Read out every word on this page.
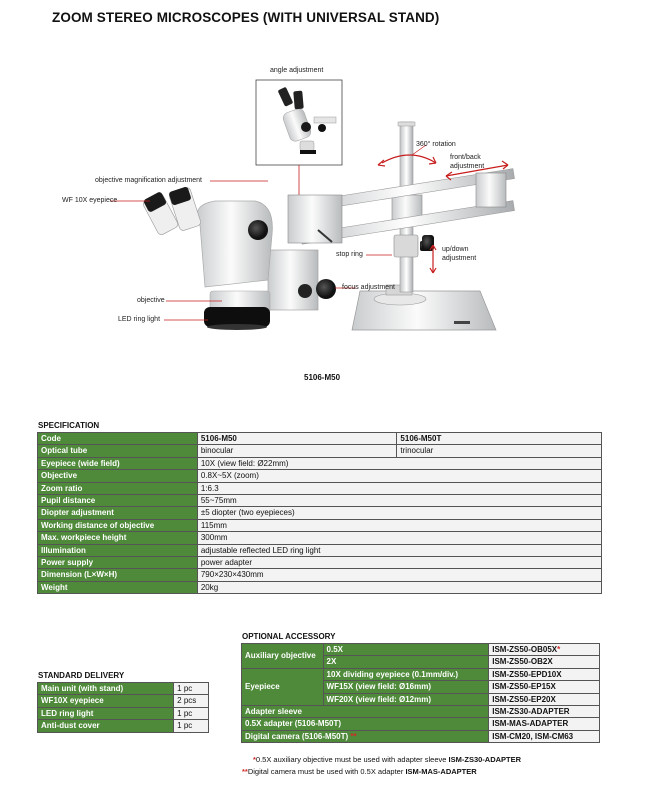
ZOOM STEREO MICROSCOPES (WITH UNIVERSAL STAND)
angle adjustment
360° rotation
front/back
adjustment
objective magnification adjustment
WF 10X eyepiece
up/down
adjustment
stop ring
focus adjustment
objective
LED ring light
5106-M50
SPECIFICATION
Code	5106-M50	5106-M50T
Optical tube	binocular	trinocular
Eyepiece (wide field)	10X (view field: Ø22mm)	
Objective	0.8X~5X (zoom)	
Zoom ratio	1:6.3	
Pupil distance	55~75mm	
Diopter adjustment	±5 diopter (two eyepieces)	
Working distance of objective	115mm	
Max. workpiece height	300mm	
Illumination	adjustable reflected LED ring light	
Power supply	power adapter	
Dimension (L×W×H)	790×230×430mm	
Weight	20kg	
STANDARD DELIVERY
Main unit (with stand)	1 pc
WF10X eyepiece	2 pcs
LED ring light	1 pc
Anti-dust cover	1 pc
OPTIONAL ACCESSORY
Auxiliary objective	0.5X	ISM-ZS50-OB05X*
	2X	ISM-ZS50-OB2X
Eyepiece	10X dividing eyepiece (0.1mm/div.)	ISM-ZS50-EPD10X
	WF15X (view field: Ø16mm)	ISM-ZS50-EP15X
	WF20X (view field: Ø12mm)	ISM-ZS50-EP20X
Adapter sleeve		ISM-ZS30-ADAPTER
0.5X adapter (5106-M50T)		ISM-MAS-ADAPTER
Digital camera (5106-M50T) **		ISM-CM20, ISM-CM63
*0.5X auxiliary objective must be used with adapter sleeve ISM-ZS30-ADAPTER
**Digital camera must be used with 0.5X adapter ISM-MAS-ADAPTER
